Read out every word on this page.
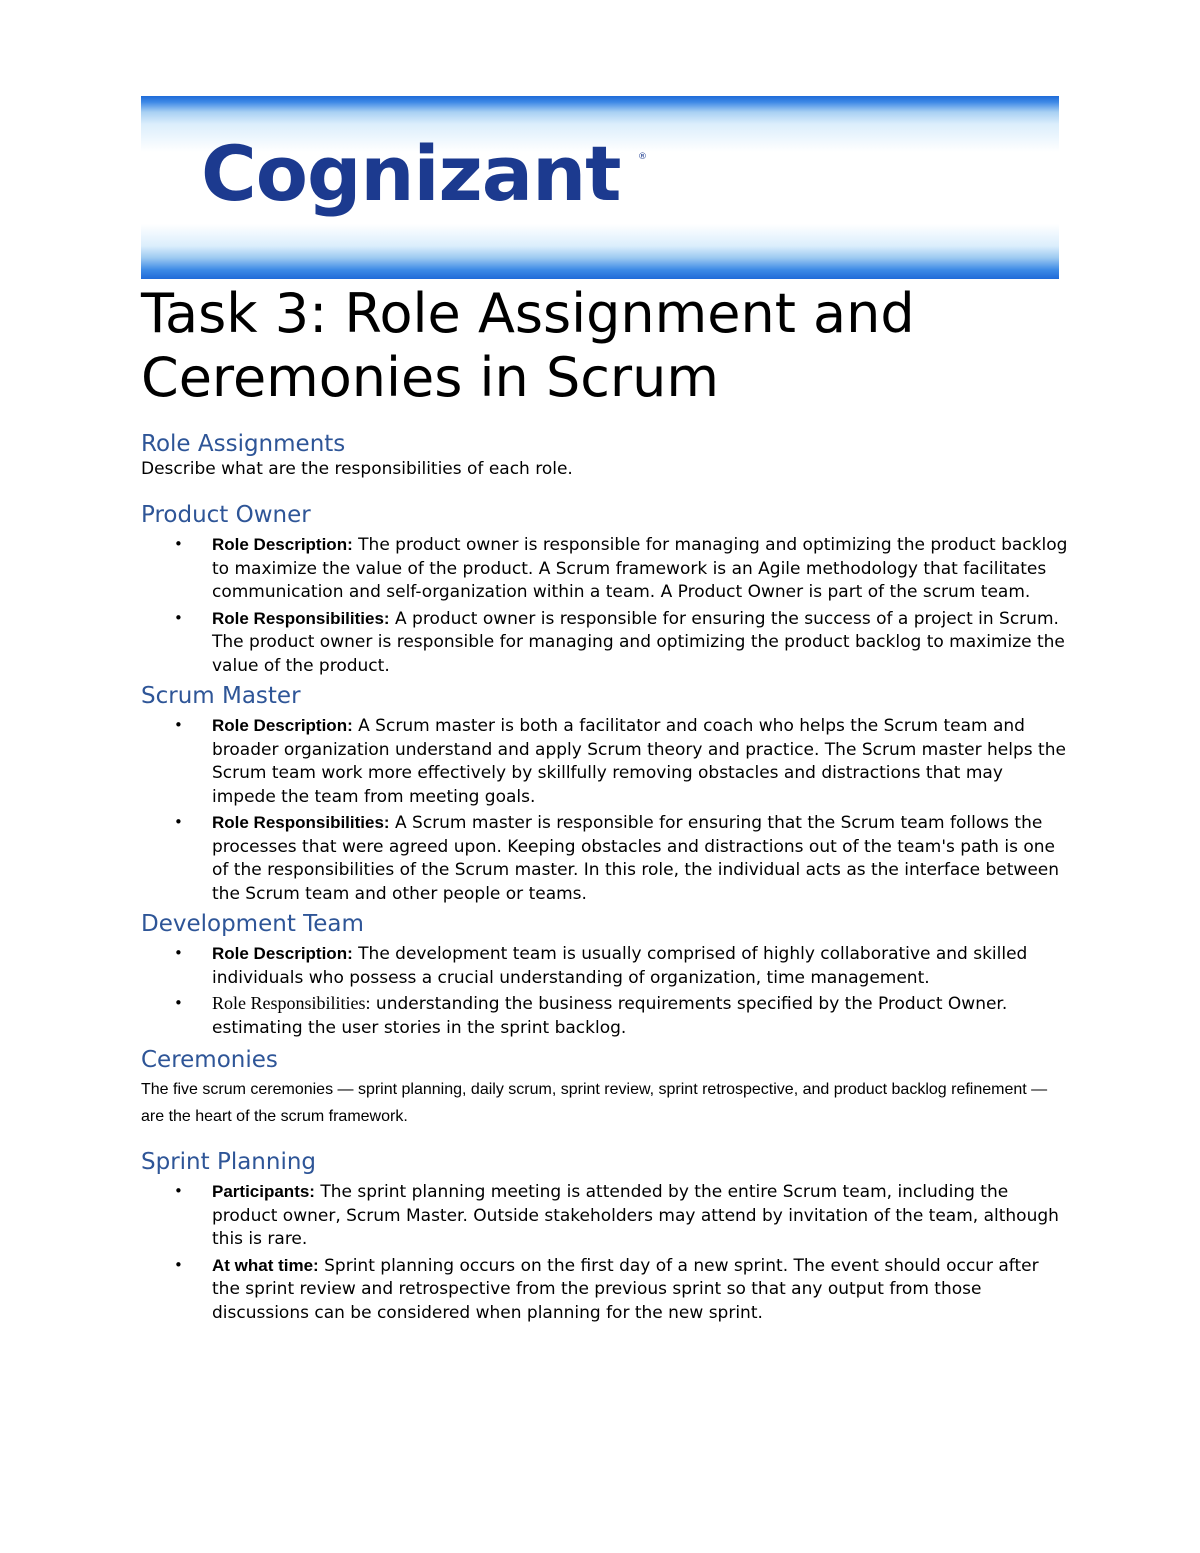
Cognizant ®
Task 3: Role Assignment and Ceremonies in Scrum
Role Assignments

Describe what are the responsibilities of each role.

Product Owner
• Role Description: The product owner is responsible for managing and optimizing the product backlog to maximize the value of the product. A Scrum framework is an Agile methodology that facilitates communication and self-organization within a team. A Product Owner is part of the scrum team.
• Role Responsibilities: A product owner is responsible for ensuring the success of a project in Scrum. The product owner is responsible for managing and optimizing the product backlog to maximize the value of the product.
Scrum Master
• Role Description: A Scrum master is both a facilitator and coach who helps the Scrum team and broader organization understand and apply Scrum theory and practice. The Scrum master helps the Scrum team work more effectively by skillfully removing obstacles and distractions that may impede the team from meeting goals.
• Role Responsibilities: A Scrum master is responsible for ensuring that the Scrum team follows the processes that were agreed upon. Keeping obstacles and distractions out of the team's path is one of the responsibilities of the Scrum master. In this role, the individual acts as the interface between the Scrum team and other people or teams.
Development Team
• Role Description: The development team is usually comprised of highly collaborative and skilled individuals who possess a crucial understanding of organization, time management.
• Role Responsibilities: understanding the business requirements specified by the Product Owner. estimating the user stories in the sprint backlog.
Ceremonies

The five scrum ceremonies — sprint planning, daily scrum, sprint review, sprint retrospective, and product backlog refinement — are the heart of the scrum framework.

Sprint Planning
• Participants: The sprint planning meeting is attended by the entire Scrum team, including the product owner, Scrum Master. Outside stakeholders may attend by invitation of the team, although this is rare.
• At what time: Sprint planning occurs on the first day of a new sprint. The event should occur after the sprint review and retrospective from the previous sprint so that any output from those discussions can be considered when planning for the new sprint.
